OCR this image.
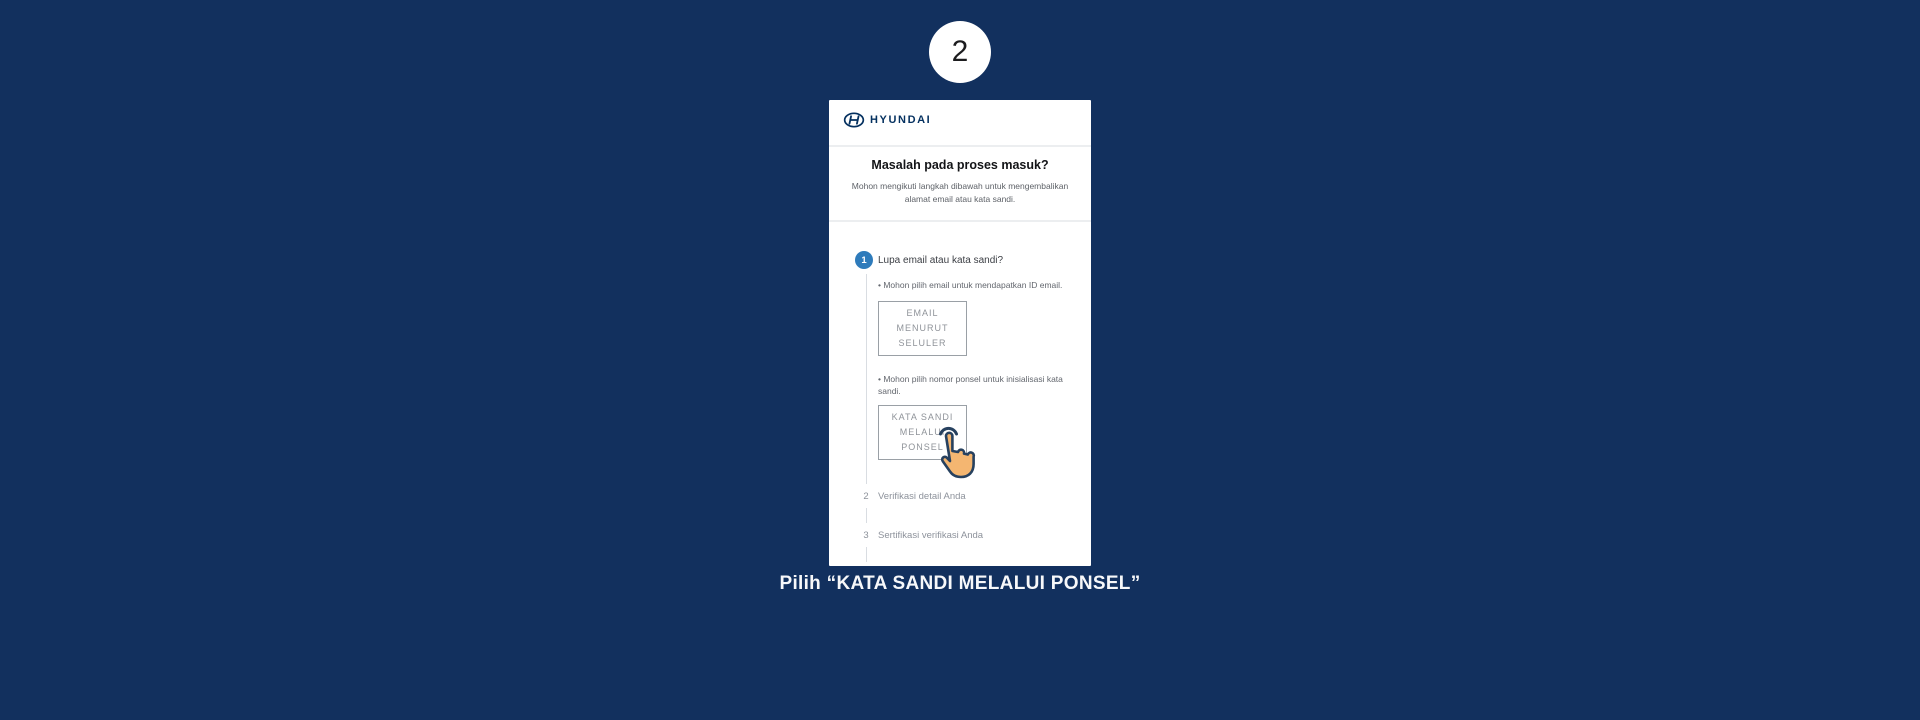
2
HYUNDAI
Masalah pada proses masuk?
Mohon mengikuti langkah dibawah untuk mengembalikan alamat email atau kata sandi.
1 Lupa email atau kata sandi?
• Mohon pilih email untuk mendapatkan ID email.
EMAIL
MENURUT
SELULER
• Mohon pilih nomor ponsel untuk inisialisasi kata sandi.
KATA SANDI
MELALUI
PONSEL
2 Verifikasi detail Anda
3 Sertifikasi verifikasi Anda
Pilih “KATA SANDI MELALUI PONSEL”
